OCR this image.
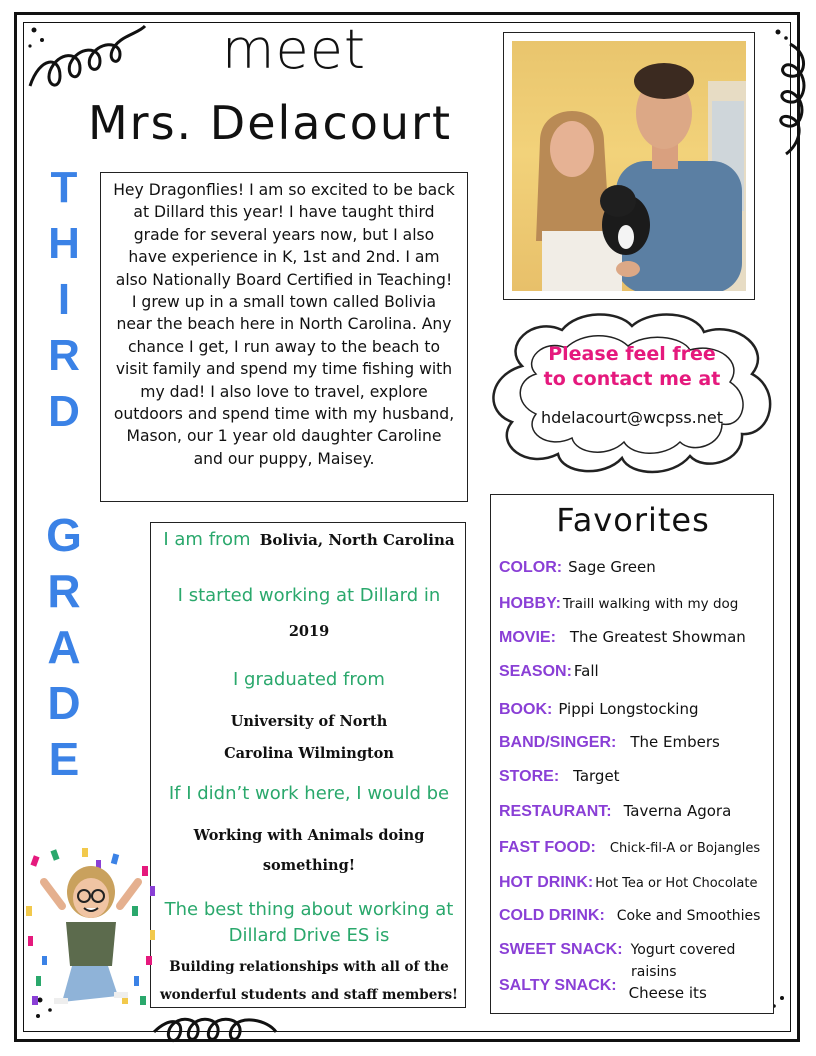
meet
Mrs. Delacourt
T
H
I
R
D
G
R
A
D
E
Hey Dragonflies! I am so excited to be back at Dillard this year! I have taught third grade for several years now, but I also have experience in K, 1st and 2nd. I am also Nationally Board Certified in Teaching! I grew up in a small town called Bolivia near the beach here in North Carolina. Any chance I get, I run away to the beach to visit family and spend my time fishing with my dad! I also love to travel, explore outdoors and spend time with my husband, Mason, our 1 year old daughter Caroline and our puppy, Maisey.
Please feel free
to contact me at
hdelacourt@wcpss.net
I am from Bolivia, North Carolina
I started working at Dillard in
2019
I graduated from
University of North
Carolina Wilmington
If I didn’t work here, I would be
Working with Animals doing
something!
The best thing about working at
Dillard Drive ES is
Building relationships with all of the
wonderful students and staff members!
Favorites
COLOR: Sage Green
HOBBY: Traill walking with my dog
MOVIE: The Greatest Showman
SEASON: Fall
BOOK: Pippi Longstocking
BAND/SINGER: The Embers
STORE: Target
RESTAURANT: Taverna Agora
FAST FOOD: Chick-fil-A or Bojangles
HOT DRINK: Hot Tea or Hot Chocolate
COLD DRINK: Coke and Smoothies
SWEET SNACK: Yogurt covered
raisins
SALTY SNACK: Cheese its
